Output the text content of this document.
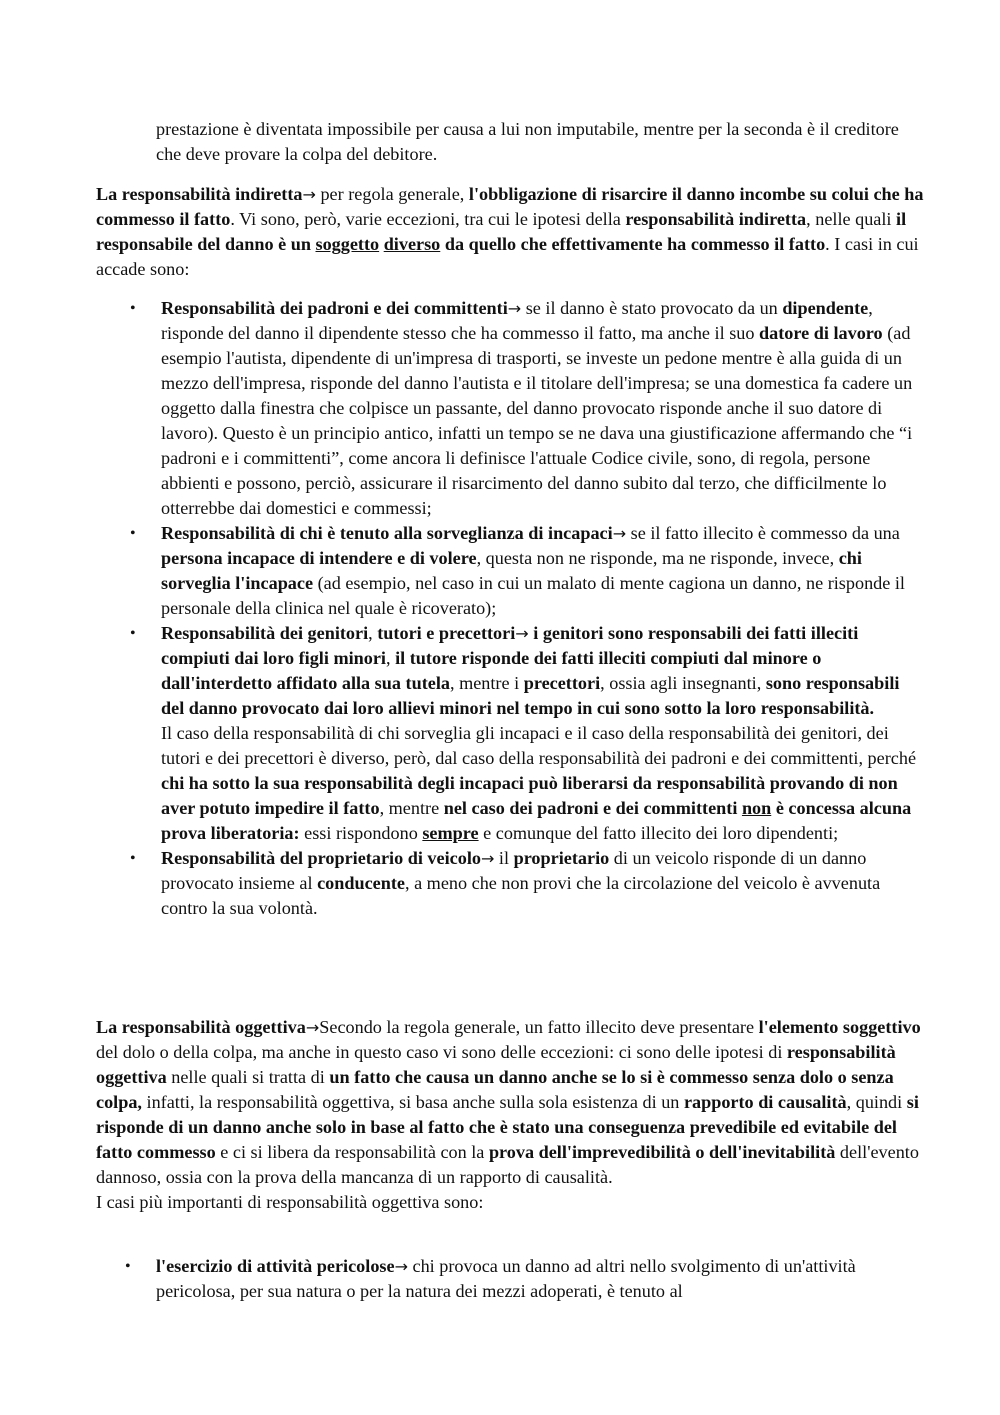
prestazione è diventata impossibile per causa a lui non imputabile, mentre per la seconda è il creditore che deve provare la colpa del debitore.

La responsabilità indiretta→ per regola generale, l'obbligazione di risarcire il danno incombe su colui che ha commesso il fatto. Vi sono, però, varie eccezioni, tra cui le ipotesi della responsabilità indiretta, nelle quali il responsabile del danno è un soggetto diverso da quello che effettivamente ha commesso il fatto. I casi in cui accade sono:

• Responsabilità dei padroni e dei committenti→ se il danno è stato provocato da un dipendente, risponde del danno il dipendente stesso che ha commesso il fatto, ma anche il suo datore di lavoro (ad esempio l'autista, dipendente di un'impresa di trasporti, se investe un pedone mentre è alla guida di un mezzo dell'impresa, risponde del danno l'autista e il titolare dell'impresa; se una domestica fa cadere un oggetto dalla finestra che colpisce un passante, del danno provocato risponde anche il suo datore di lavoro). Questo è un principio antico, infatti un tempo se ne dava una giustificazione affermando che “i padroni e i committenti”, come ancora li definisce l'attuale Codice civile, sono, di regola, persone abbienti e possono, perciò, assicurare il risarcimento del danno subito dal terzo, che difficilmente lo otterrebbe dai domestici e commessi;
• Responsabilità di chi è tenuto alla sorveglianza di incapaci→ se il fatto illecito è commesso da una persona incapace di intendere e di volere, questa non ne risponde, ma ne risponde, invece, chi sorveglia l'incapace (ad esempio, nel caso in cui un malato di mente cagiona un danno, ne risponde il personale della clinica nel quale è ricoverato);
• Responsabilità dei genitori, tutori e precettori→ i genitori sono responsabili dei fatti illeciti compiuti dai loro figli minori, il tutore risponde dei fatti illeciti compiuti dal minore o dall'interdetto affidato alla sua tutela, mentre i precettori, ossia agli insegnanti, sono responsabili del danno provocato dai loro allievi minori nel tempo in cui sono sotto la loro responsabilità.
Il caso della responsabilità di chi sorveglia gli incapaci e il caso della responsabilità dei genitori, dei tutori e dei precettori è diverso, però, dal caso della responsabilità dei padroni e dei committenti, perché chi ha sotto la sua responsabilità degli incapaci può liberarsi da responsabilità provando di non aver potuto impedire il fatto, mentre nel caso dei padroni e dei committenti non è concessa alcuna prova liberatoria: essi rispondono sempre e comunque del fatto illecito dei loro dipendenti;
• Responsabilità del proprietario di veicolo→ il proprietario di un veicolo risponde di un danno provocato insieme al conducente, a meno che non provi che la circolazione del veicolo è avvenuta contro la sua volontà.

La responsabilità oggettiva→Secondo la regola generale, un fatto illecito deve presentare l'elemento soggettivo del dolo o della colpa, ma anche in questo caso vi sono delle eccezioni: ci sono delle ipotesi di responsabilità oggettiva nelle quali si tratta di un fatto che causa un danno anche se lo si è commesso senza dolo o senza colpa, infatti, la responsabilità oggettiva, si basa anche sulla sola esistenza di un rapporto di causalità, quindi si risponde di un danno anche solo in base al fatto che è stato una conseguenza prevedibile ed evitabile del fatto commesso e ci si libera da responsabilità con la prova dell'imprevedibilità o dell'inevitabilità dell'evento dannoso, ossia con la prova della mancanza di un rapporto di causalità.
I casi più importanti di responsabilità oggettiva sono:

• l'esercizio di attività pericolose→ chi provoca un danno ad altri nello svolgimento di un'attività pericolosa, per sua natura o per la natura dei mezzi adoperati, è tenuto al
